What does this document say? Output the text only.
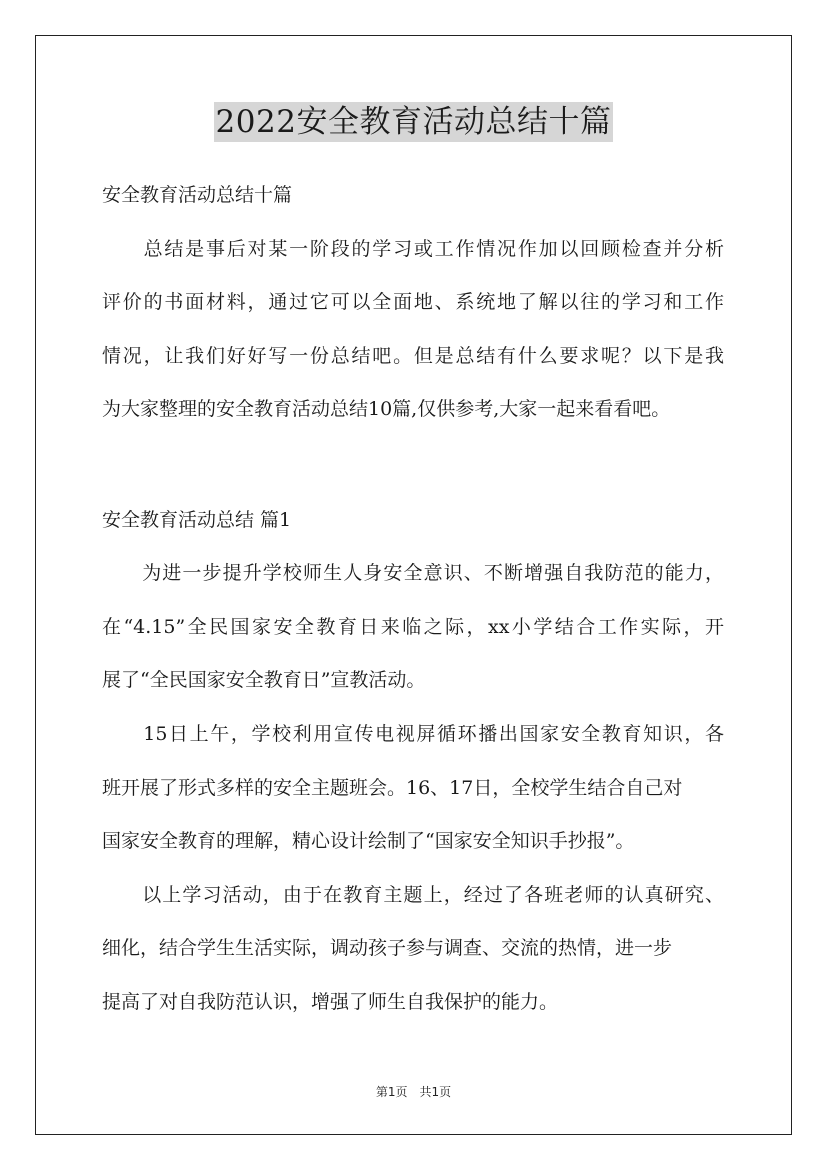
2022安全教育活动总结十篇
安全教育活动总结十篇
　　总结是事后对某一阶段的学习或工作情况作加以回顾检查并分析
评价的书面材料，通过它可以全面地、系统地了解以往的学习和工作
情况，让我们好好写一份总结吧。但是总结有什么要求呢？以下是我
为大家整理的安全教育活动总结10篇,仅供参考,大家一起来看看吧。
安全教育活动总结 篇1
　　为进一步提升学校师生人身安全意识、不断增强自我防范的能力，
在“4.15”全民国家安全教育日来临之际，xx小学结合工作实际，开
展了“全民国家安全教育日”宣教活动。
　　15日上午，学校利用宣传电视屏循环播出国家安全教育知识，各
班开展了形式多样的安全主题班会。16、17日，全校学生结合自己对
国家安全教育的理解，精心设计绘制了“国家安全知识手抄报”。
　　以上学习活动，由于在教育主题上，经过了各班老师的认真研究、
细化，结合学生生活实际，调动孩子参与调查、交流的热情，进一步
提高了对自我防范认识，增强了师生自我保护的能力。
第1页　共1页
